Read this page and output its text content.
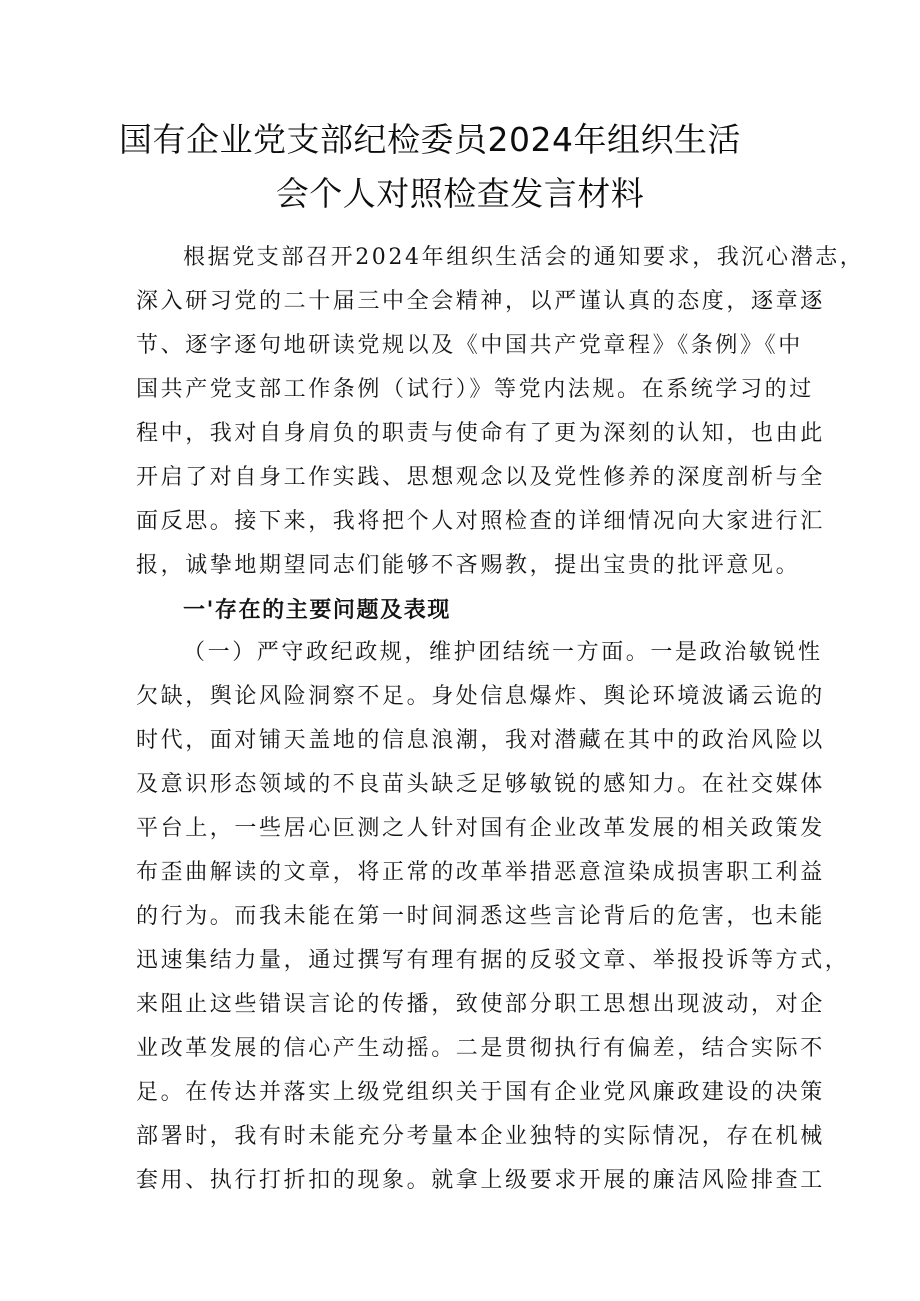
国有企业党支部纪检委员2024年组织生活
会个人对照检查发言材料
根据党支部召开2024年组织生活会的通知要求，我沉心潜志，
深入研习党的二十届三中全会精神，以严谨认真的态度，逐章逐
节、逐字逐句地研读党规以及《中国共产党章程》《条例》《中
国共产党支部工作条例（试行）》等党内法规。在系统学习的过
程中，我对自身肩负的职责与使命有了更为深刻的认知，也由此
开启了对自身工作实践、思想观念以及党性修养的深度剖析与全
面反思。接下来，我将把个人对照检查的详细情况向大家进行汇
报，诚挚地期望同志们能够不吝赐教，提出宝贵的批评意见。
一'存在的主要问题及表现
（一）严守政纪政规，维护团结统一方面。一是政治敏锐性
欠缺，舆论风险洞察不足。身处信息爆炸、舆论环境波谲云诡的
时代，面对铺天盖地的信息浪潮，我对潜藏在其中的政治风险以
及意识形态领域的不良苗头缺乏足够敏锐的感知力。在社交媒体
平台上，一些居心叵测之人针对国有企业改革发展的相关政策发
布歪曲解读的文章，将正常的改革举措恶意渲染成损害职工利益
的行为。而我未能在第一时间洞悉这些言论背后的危害，也未能
迅速集结力量，通过撰写有理有据的反驳文章、举报投诉等方式，
来阻止这些错误言论的传播，致使部分职工思想出现波动，对企
业改革发展的信心产生动摇。二是贯彻执行有偏差，结合实际不
足。在传达并落实上级党组织关于国有企业党风廉政建设的决策
部署时，我有时未能充分考量本企业独特的实际情况，存在机械
套用、执行打折扣的现象。就拿上级要求开展的廉洁风险排查工
